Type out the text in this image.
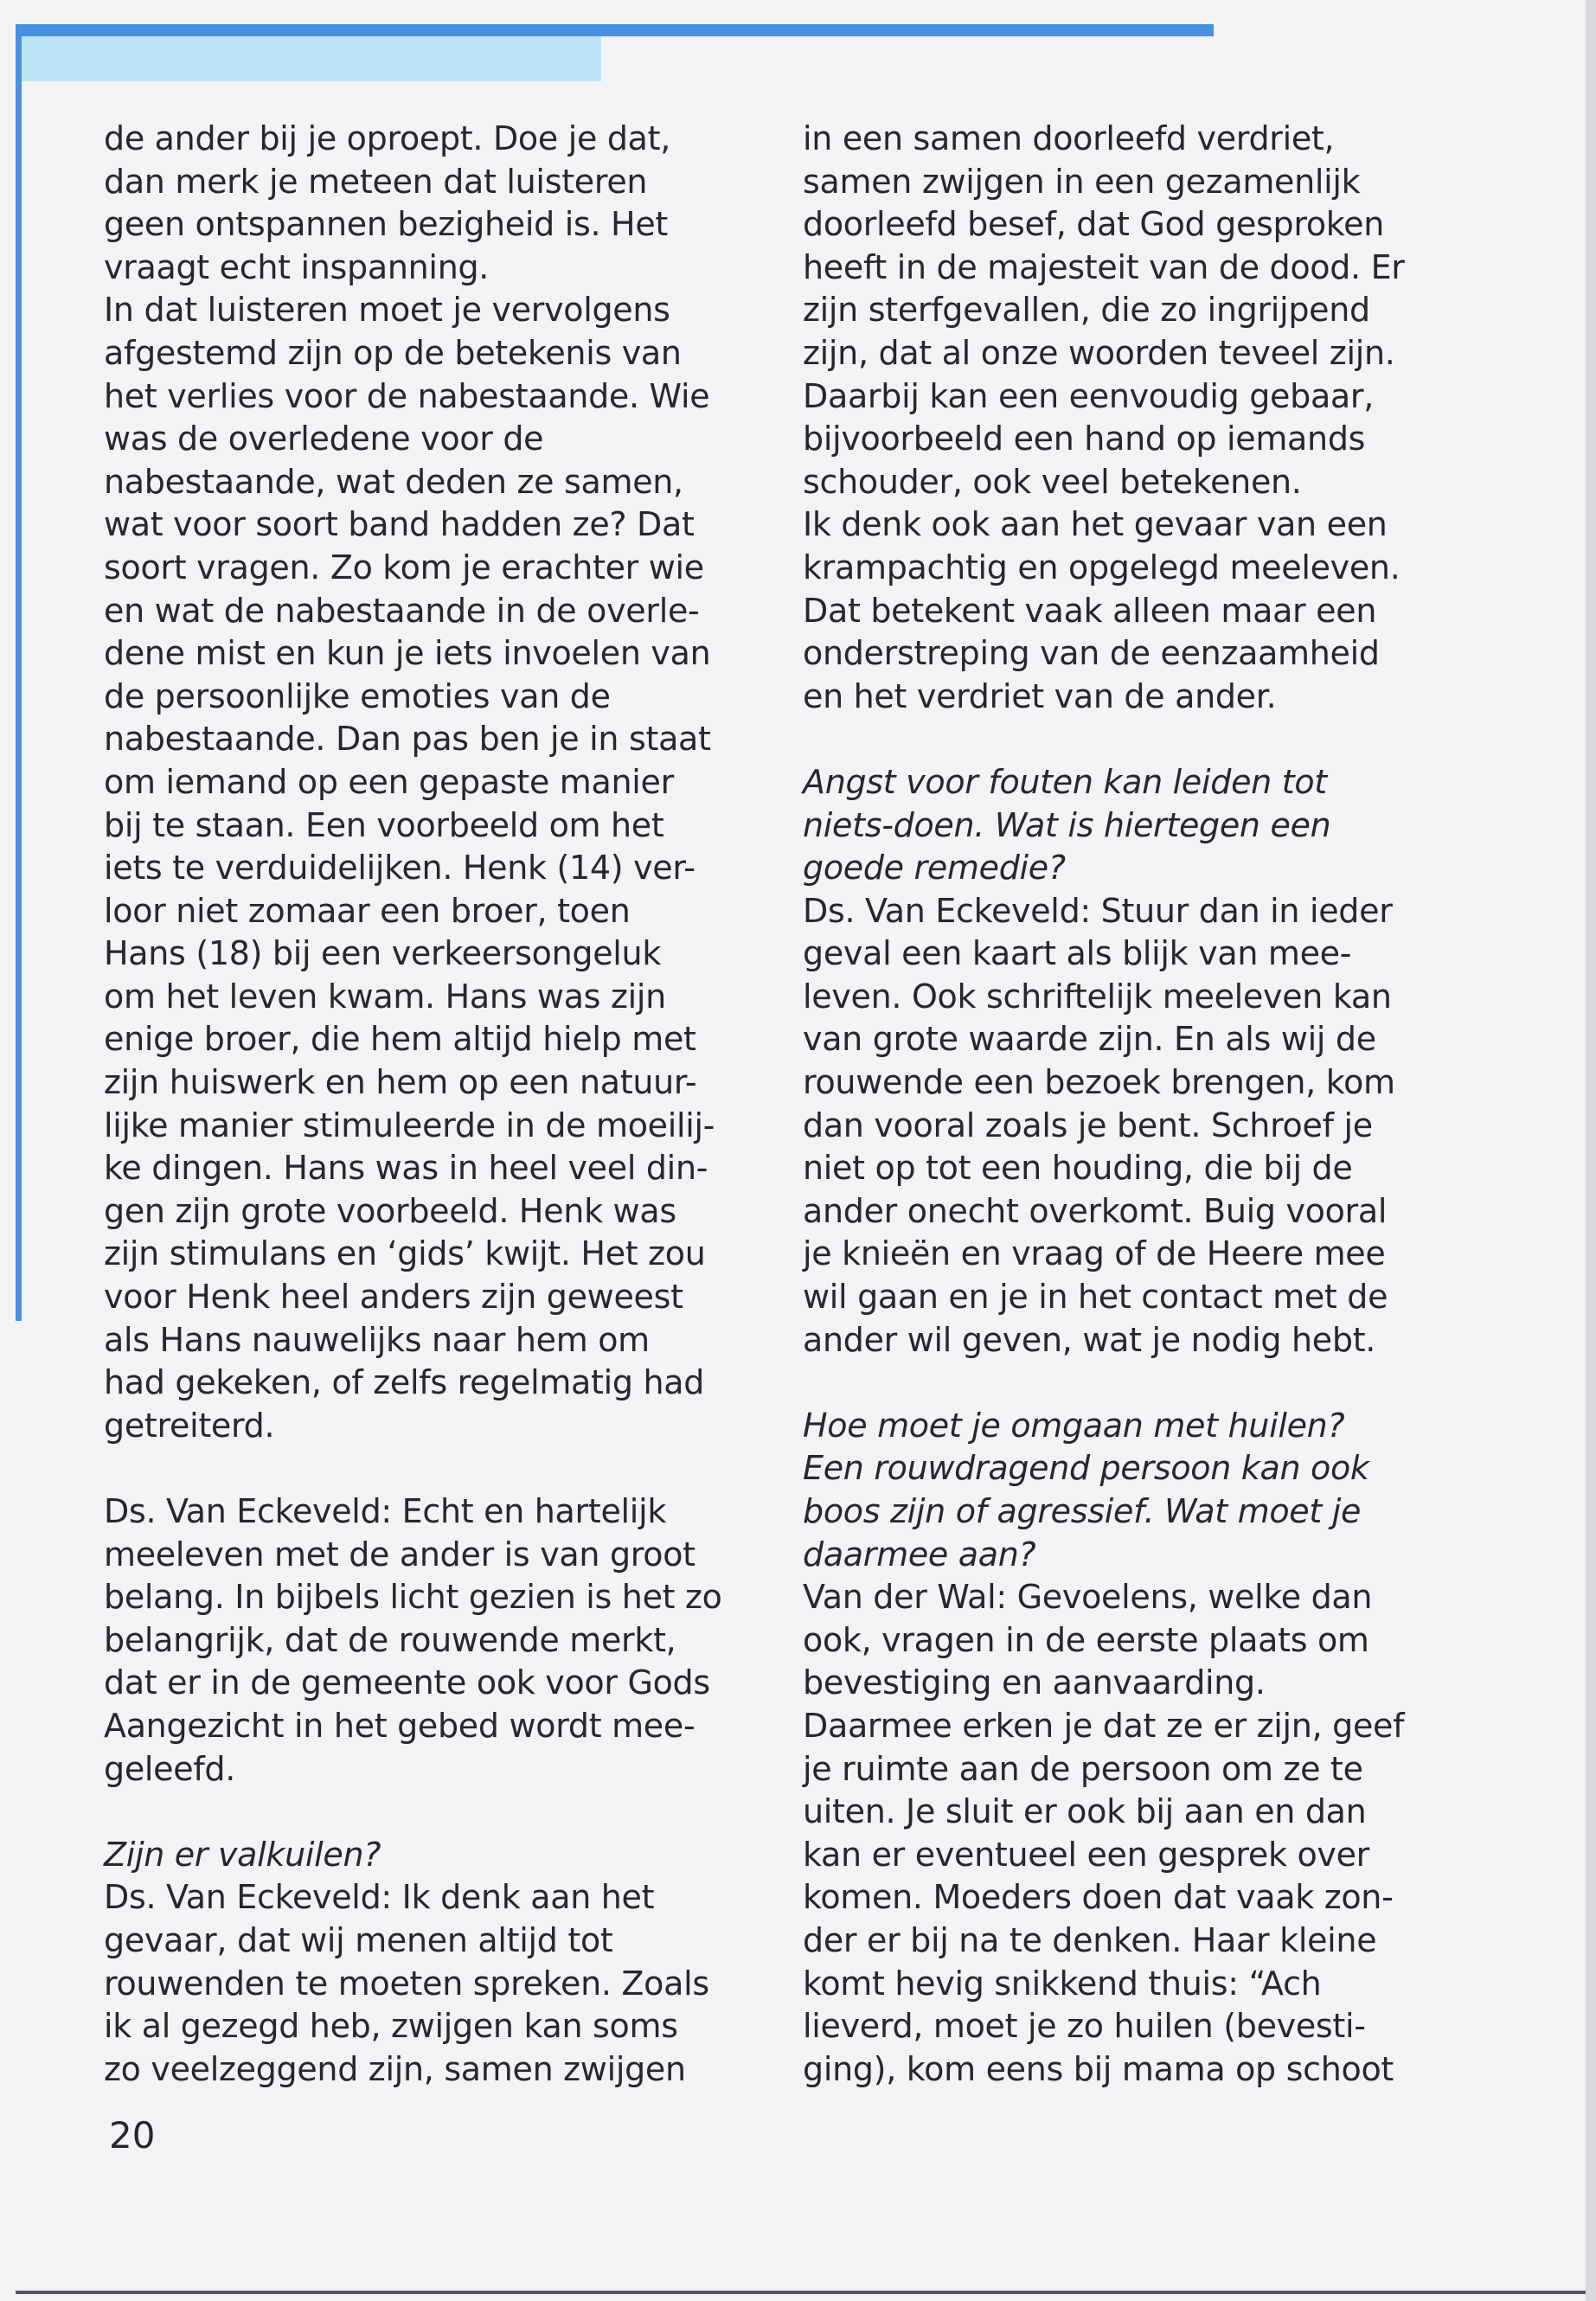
de ander bij je oproept. Doe je dat,
dan merk je meteen dat luisteren
geen ontspannen bezigheid is. Het
vraagt echt inspanning.

In dat luisteren moet je vervolgens
afgestemd zijn op de betekenis van
het verlies voor de nabestaande. Wie
was de overledene voor de
nabestaande, wat deden ze samen,
wat voor soort band hadden ze? Dat
soort vragen. Zo kom je erachter wie
en wat de nabestaande in de overle-
dene mist en kun je iets invoelen van
de persoonlijke emoties van de
nabestaande. Dan pas ben je in staat
om iemand op een gepaste manier
bij te staan. Een voorbeeld om het
iets te verduidelijken. Henk (14) ver-
loor niet zomaar een broer, toen
Hans (18) bij een verkeersongeluk
om het leven kwam. Hans was zijn
enige broer, die hem altijd hielp met
zijn huiswerk en hem op een natuur-
lijke manier stimuleerde in de moeilij-
ke dingen. Hans was in heel veel din-
gen zijn grote voorbeeld. Henk was
zijn stimulans en ‘gids’ kwijt. Het zou
voor Henk heel anders zijn geweest
als Hans nauwelijks naar hem om
had gekeken, of zelfs regelmatig had
getreiterd.

Ds. Van Eckeveld: Echt en hartelijk
meeleven met de ander is van groot
belang. In bijbels licht gezien is het zo
belangrijk, dat de rouwende merkt,
dat er in de gemeente ook voor Gods
Aangezicht in het gebed wordt mee-
geleefd.

Zijn er valkuilen?

Ds. Van Eckeveld: Ik denk aan het
gevaar, dat wij menen altijd tot
rouwenden te moeten spreken. Zoals
ik al gezegd heb, zwijgen kan soms
zo veelzeggend zijn, samen zwijgen

in een samen doorleefd verdriet,
samen zwijgen in een gezamenlijk
doorleefd besef, dat God gesproken
heeft in de majesteit van de dood. Er
zijn sterfgevallen, die zo ingrijpend
zijn, dat al onze woorden teveel zijn.
Daarbij kan een eenvoudig gebaar,
bijvoorbeeld een hand op iemands
schouder, ook veel betekenen.

Ik denk ook aan het gevaar van een
krampachtig en opgelegd meeleven.
Dat betekent vaak alleen maar een
onderstreping van de eenzaamheid
en het verdriet van de ander.

Angst voor fouten kan leiden tot
niets-doen. Wat is hiertegen een
goede remedie?

Ds. Van Eckeveld: Stuur dan in ieder
geval een kaart als blijk van mee-
leven. Ook schriftelijk meeleven kan
van grote waarde zijn. En als wij de
rouwende een bezoek brengen, kom
dan vooral zoals je bent. Schroef je
niet op tot een houding, die bij de
ander onecht overkomt. Buig vooral
je knieën en vraag of de Heere mee
wil gaan en je in het contact met de
ander wil geven, wat je nodig hebt.

Hoe moet je omgaan met huilen?
Een rouwdragend persoon kan ook
boos zijn of agressief. Wat moet je
daarmee aan?

Van der Wal: Gevoelens, welke dan
ook, vragen in de eerste plaats om
bevestiging en aanvaarding.

Daarmee erken je dat ze er zijn, geef
je ruimte aan de persoon om ze te
uiten. Je sluit er ook bij aan en dan
kan er eventueel een gesprek over
komen. Moeders doen dat vaak zon-
der er bij na te denken. Haar kleine
komt hevig snikkend thuis: “Ach
lieverd, moet je zo huilen (bevesti-
ging), kom eens bij mama op schoot

20
